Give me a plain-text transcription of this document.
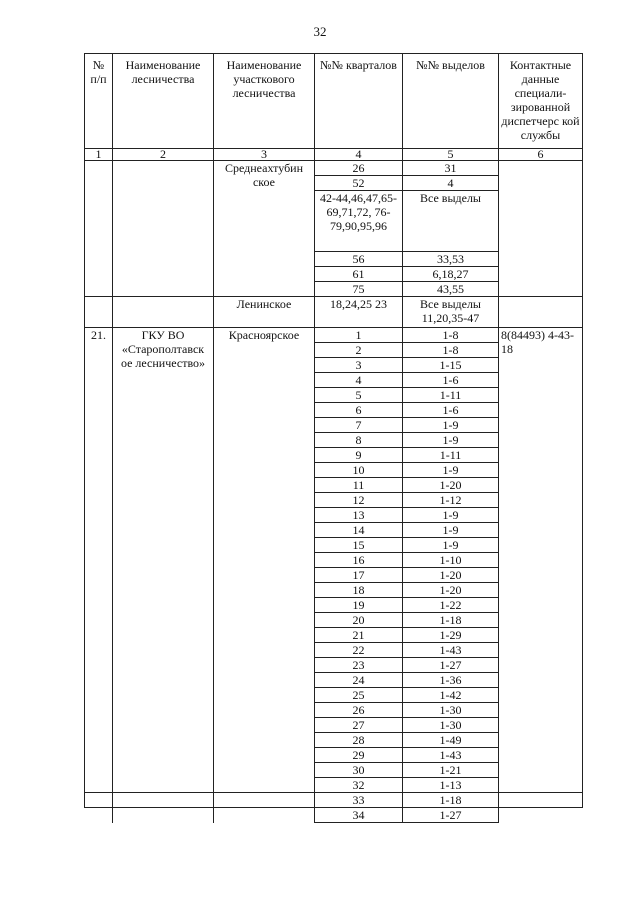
32
№ п/п	Наименование лесничества	Наименование участкового лесничества	№№ кварталов	№№ выделов	Контактные данные специали-зированной диспетчерс кой службы
1	2	3	4	5	6
		Среднеахтубин ское	26	31	
			52	4	
			42-44,46,47,65-69,71,72, 76-79,90,95,96	Все выделы	
			56	33,53	
			61	6,18,27	
			75	43,55	
		Ленинское	18,24,25 23	Все выделы 11,20,35-47	
21.	ГКУ ВО «Старополтавск ое лесничество»	Красноярское	1	1-8	8(84493) 4-43-18
			2	1-8	
			3	1-15	
			4	1-6	
			5	1-11	
			6	1-6	
			7	1-9	
			8	1-9	
			9	1-11	
			10	1-9	
			11	1-20	
			12	1-12	
			13	1-9	
			14	1-9	
			15	1-9	
			16	1-10	
			17	1-20	
			18	1-20	
			19	1-22	
			20	1-18	
			21	1-29	
			22	1-43	
			23	1-27	
			24	1-36	
			25	1-42	
			26	1-30	
			27	1-30	
			28	1-49	
			29	1-43	
			30	1-21	
			32	1-13	
			33	1-18	
			34	1-27	
